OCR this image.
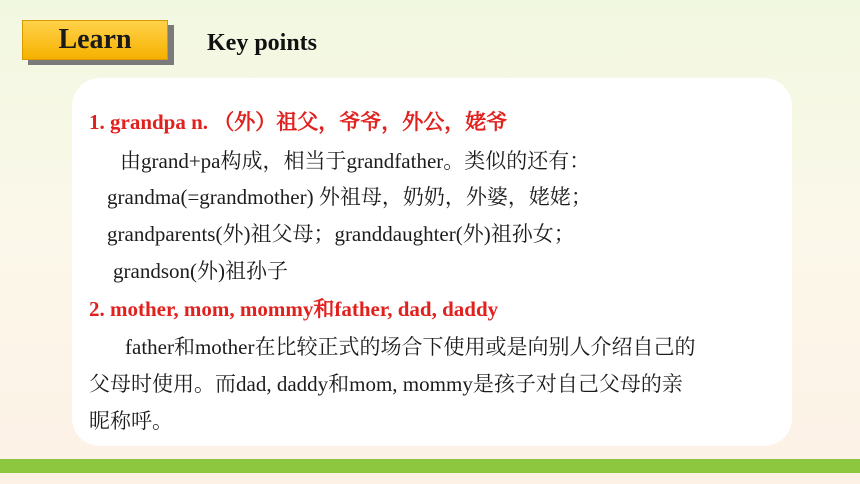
Learn	Key points
1. grandpa n. （外）祖父，爷爷，外公，姥爷
由grand+pa构成，相当于grandfather。类似的还有：
grandma(=grandmother) 外祖母，奶奶，外婆，姥姥；
grandparents(外)祖父母；granddaughter(外)祖孙女；
grandson(外)祖孙子
2. mother, mom, mommy和father, dad, daddy
father和mother在比较正式的场合下使用或是向别人介绍自己的
父母时使用。而dad, daddy和mom, mommy是孩子对自己父母的亲
昵称呼。
